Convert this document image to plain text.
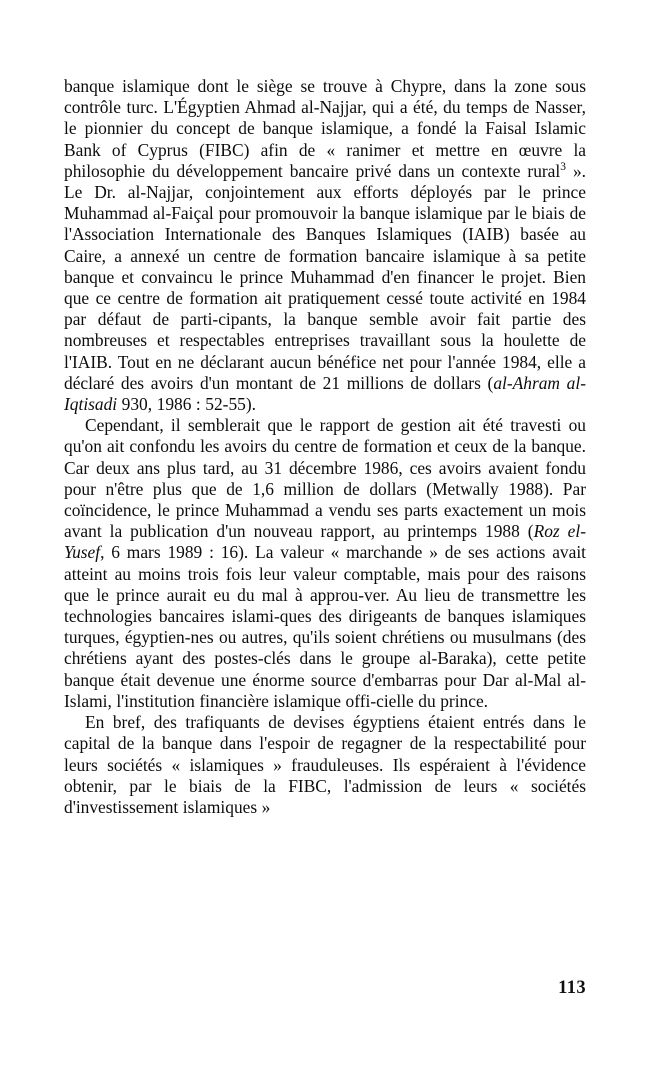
banque islamique dont le siège se trouve à Chypre, dans la zone sous contrôle turc. L'Égyptien Ahmad al-Najjar, qui a été, du temps de Nasser, le pionnier du concept de banque islamique, a fondé la Faisal Islamic Bank of Cyprus (FIBC) afin de « ranimer et mettre en œuvre la philosophie du développement bancaire privé dans un contexte rural$^3$ ». Le Dr. al-Najjar, conjointement aux efforts déployés par le prince Muhammad al-Faiçal pour promouvoir la banque islamique par le biais de l'Association Internationale des Banques Islamiques (IAIB) basée au Caire, a annexé un centre de formation bancaire islamique à sa petite banque et convaincu le prince Muhammad d'en financer le projet. Bien que ce centre de formation ait pratiquement cessé toute activité en 1984 par défaut de parti-cipants, la banque semble avoir fait partie des nombreuses et respectables entreprises travaillant sous la houlette de l'IAIB. Tout en ne déclarant aucun bénéfice net pour l'année 1984, elle a déclaré des avoirs d'un montant de 21 millions de dollars (al-Ahram al-Iqtisadi 930, 1986 : 52-55).

Cependant, il semblerait que le rapport de gestion ait été travesti ou qu'on ait confondu les avoirs du centre de formation et ceux de la banque. Car deux ans plus tard, au 31 décembre 1986, ces avoirs avaient fondu pour n'être plus que de 1,6 million de dollars (Metwally 1988). Par coïncidence, le prince Muhammad a vendu ses parts exactement un mois avant la publication d'un nouveau rapport, au printemps 1988 (Roz el-Yusef, 6 mars 1989 : 16). La valeur « marchande » de ses actions avait atteint au moins trois fois leur valeur comptable, mais pour des raisons que le prince aurait eu du mal à approu-ver. Au lieu de transmettre les technologies bancaires islami-ques des dirigeants de banques islamiques turques, égyptien-nes ou autres, qu'ils soient chrétiens ou musulmans (des chrétiens ayant des postes-clés dans le groupe al-Baraka), cette petite banque était devenue une énorme source d'embarras pour Dar al-Mal al-Islami, l'institution financière islamique offi-cielle du prince.

En bref, des trafiquants de devises égyptiens étaient entrés dans le capital de la banque dans l'espoir de regagner de la respectabilité pour leurs sociétés « islamiques » frauduleuses. Ils espéraient à l'évidence obtenir, par le biais de la FIBC, l'admission de leurs « sociétés d'investissement islamiques »

113
